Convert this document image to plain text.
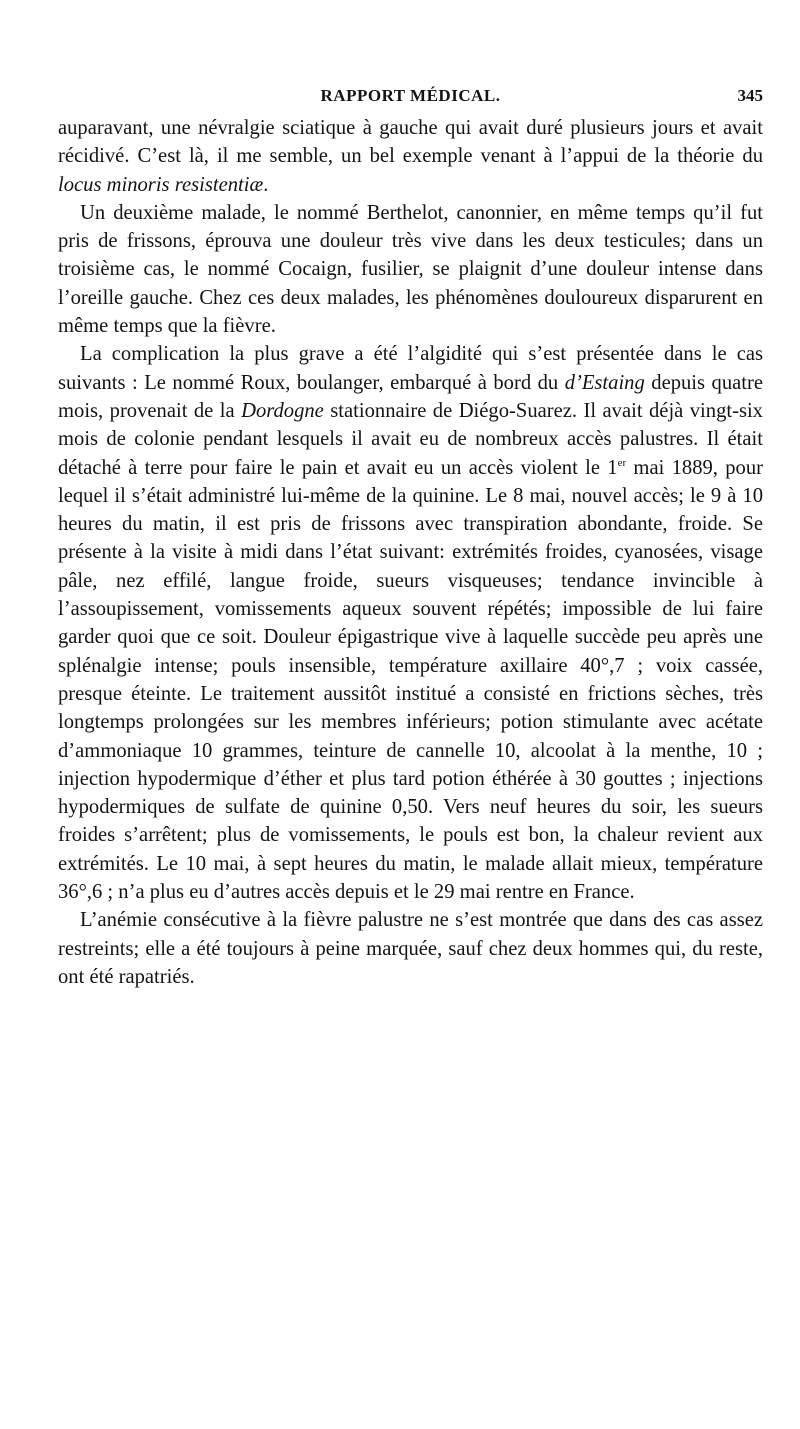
RAPPORT MÉDICAL.	345

auparavant, une névralgie sciatique à gauche qui avait duré plusieurs jours et avait récidivé. C’est là, il me semble, un bel exemple venant à l’appui de la théorie du locus minoris resistentiæ.

Un deuxième malade, le nommé Berthelot, canonnier, en même temps qu’il fut pris de frissons, éprouva une douleur très vive dans les deux testicules; dans un troisième cas, le nommé Cocaign, fusilier, se plaignit d’une douleur intense dans l’oreille gauche. Chez ces deux malades, les phénomènes douloureux disparurent en même temps que la fièvre.

La complication la plus grave a été l’algidité qui s’est présentée dans le cas suivants : Le nommé Roux, boulanger, embarqué à bord du d’Estaing depuis quatre mois, provenait de la Dordogne stationnaire de Diégo-Suarez. Il avait déjà vingt-six mois de colonie pendant lesquels il avait eu de nombreux accès palustres. Il était détaché à terre pour faire le pain et avait eu un accès violent le 1er mai 1889, pour lequel il s’était administré lui-même de la quinine. Le 8 mai, nouvel accès; le 9 à 10 heures du matin, il est pris de frissons avec transpiration abondante, froide. Se présente à la visite à midi dans l’état suivant: extrémités froides, cyanosées, visage pâle, nez effilé, langue froide, sueurs visqueuses; tendance invincible à l’assoupissement, vomissements aqueux souvent répétés; impossible de lui faire garder quoi que ce soit. Douleur épigastrique vive à laquelle succède peu après une splénalgie intense; pouls insensible, température axillaire 40°,7 ; voix cassée, presque éteinte. Le traitement aussitôt institué a consisté en frictions sèches, très longtemps prolongées sur les membres inférieurs; potion stimulante avec acétate d’ammoniaque 10 grammes, teinture de cannelle 10, alcoolat à la menthe, 10 ; injection hypodermique d’éther et plus tard potion éthérée à 30 gouttes ; injections hypodermiques de sulfate de quinine 0,50. Vers neuf heures du soir, les sueurs froides s’arrêtent; plus de vomissements, le pouls est bon, la chaleur revient aux extrémités. Le 10 mai, à sept heures du matin, le malade allait mieux, température 36°,6 ; n’a plus eu d’autres accès depuis et le 29 mai rentre en France.

L’anémie consécutive à la fièvre palustre ne s’est montrée que dans des cas assez restreints; elle a été toujours à peine marquée, sauf chez deux hommes qui, du reste, ont été rapatriés.
